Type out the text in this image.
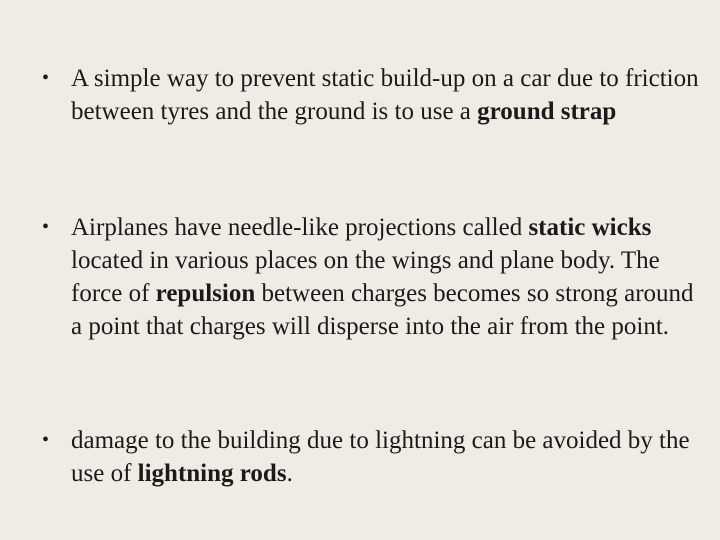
• A simple way to prevent static build-up on a car due to friction between tyres and the ground is to use a ground strap
• Airplanes have needle-like projections called static wicks located in various places on the wings and plane body. The force of repulsion between charges becomes so strong around a point that charges will disperse into the air from the point.
• damage to the building due to lightning can be avoided by the use of lightning rods.
